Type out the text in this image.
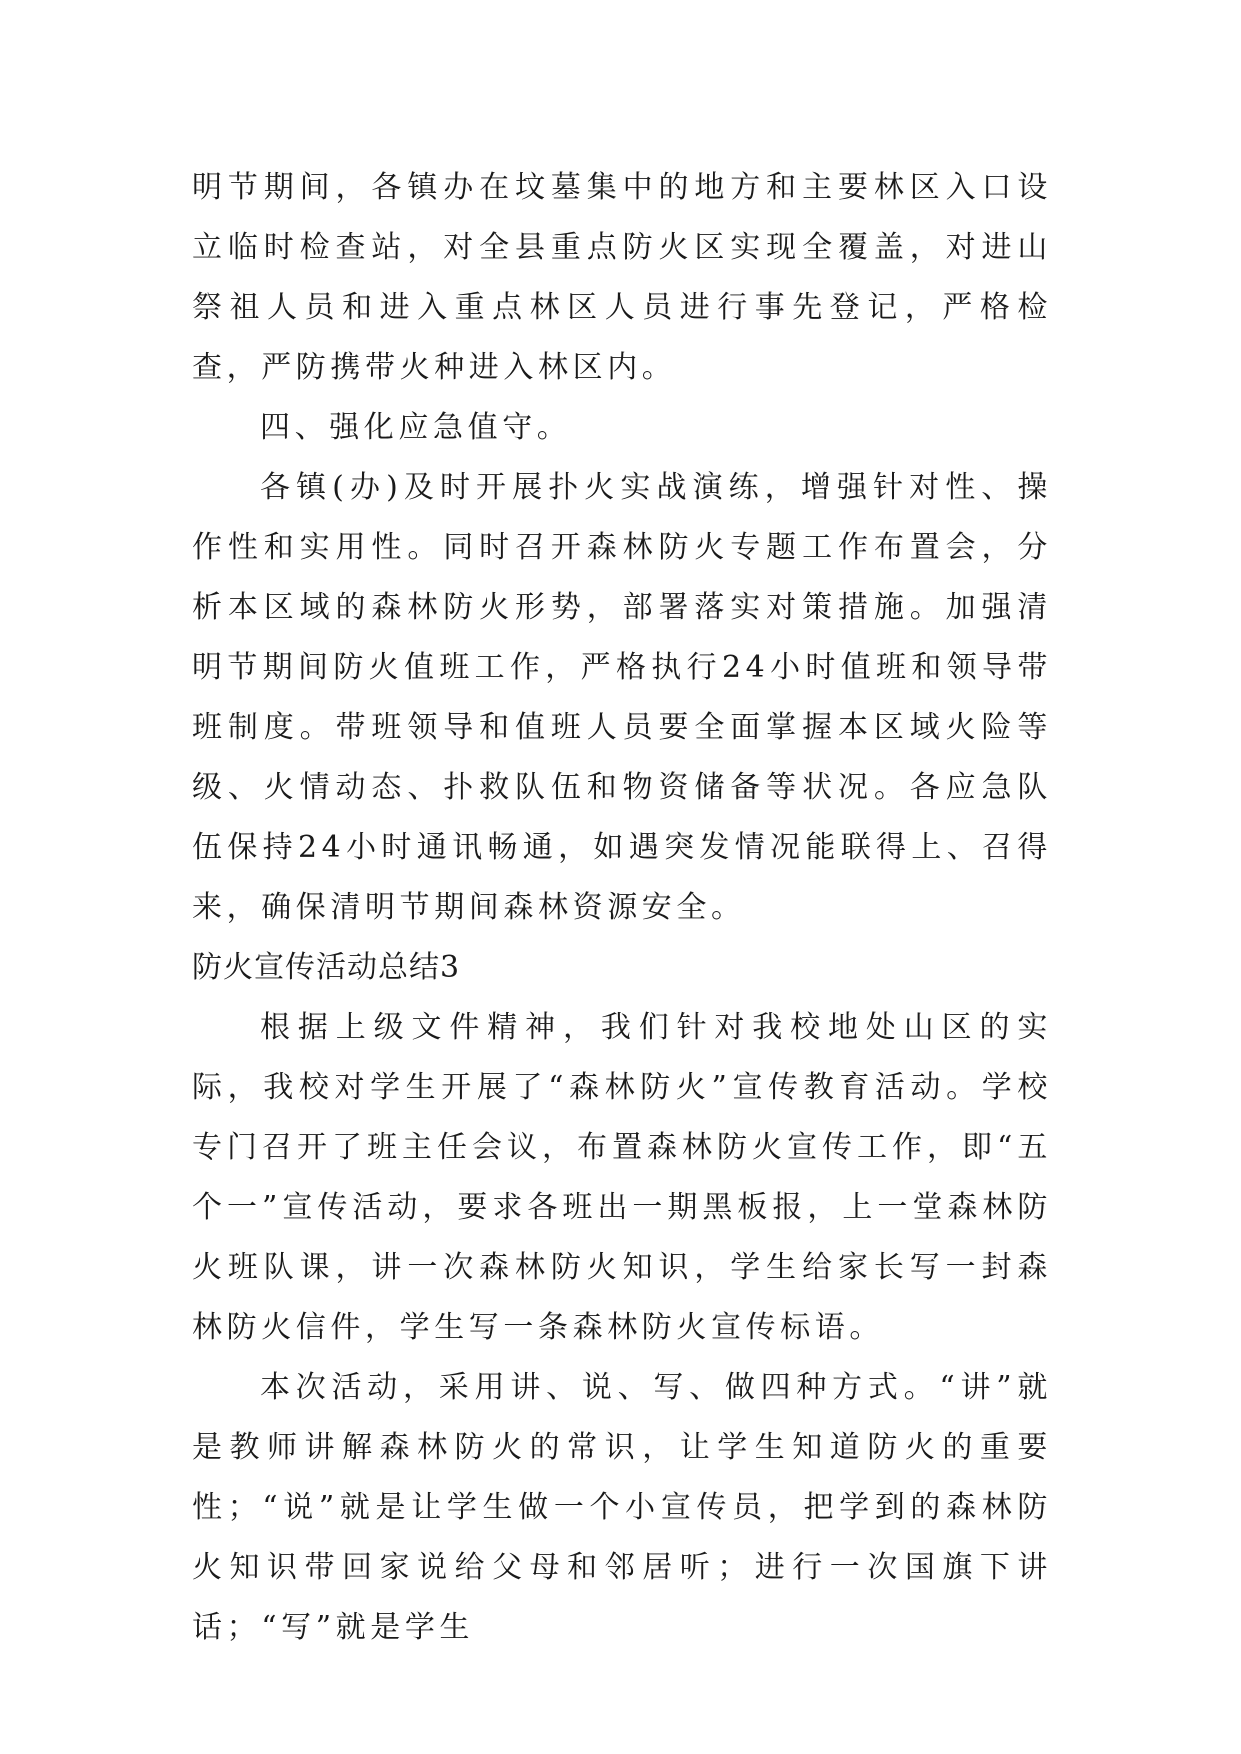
明节期间，各镇办在坟墓集中的地方和主要林区入口设立临时检查站，对全县重点防火区实现全覆盖，对进山祭祖人员和进入重点林区人员进行事先登记，严格检查，严防携带火种进入林区内。

四、强化应急值守。

各镇(办)及时开展扑火实战演练，增强针对性、操作性和实用性。同时召开森林防火专题工作布置会，分析本区域的森林防火形势，部署落实对策措施。加强清明节期间防火值班工作，严格执行24小时值班和领导带班制度。带班领导和值班人员要全面掌握本区域火险等级、火情动态、扑救队伍和物资储备等状况。各应急队伍保持24小时通讯畅通，如遇突发情况能联得上、召得来，确保清明节期间森林资源安全。

防火宣传活动总结3

根据上级文件精神，我们针对我校地处山区的实际，我校对学生开展了“森林防火”宣传教育活动。学校专门召开了班主任会议，布置森林防火宣传工作，即“五个一”宣传活动，要求各班出一期黑板报，上一堂森林防火班队课，讲一次森林防火知识，学生给家长写一封森林防火信件，学生写一条森林防火宣传标语。

本次活动，采用讲、说、写、做四种方式。“讲”就是教师讲解森林防火的常识，让学生知道防火的重要性；“说”就是让学生做一个小宣传员，把学到的森林防火知识带回家说给父母和邻居听；进行一次国旗下讲话；“写”就是学生
